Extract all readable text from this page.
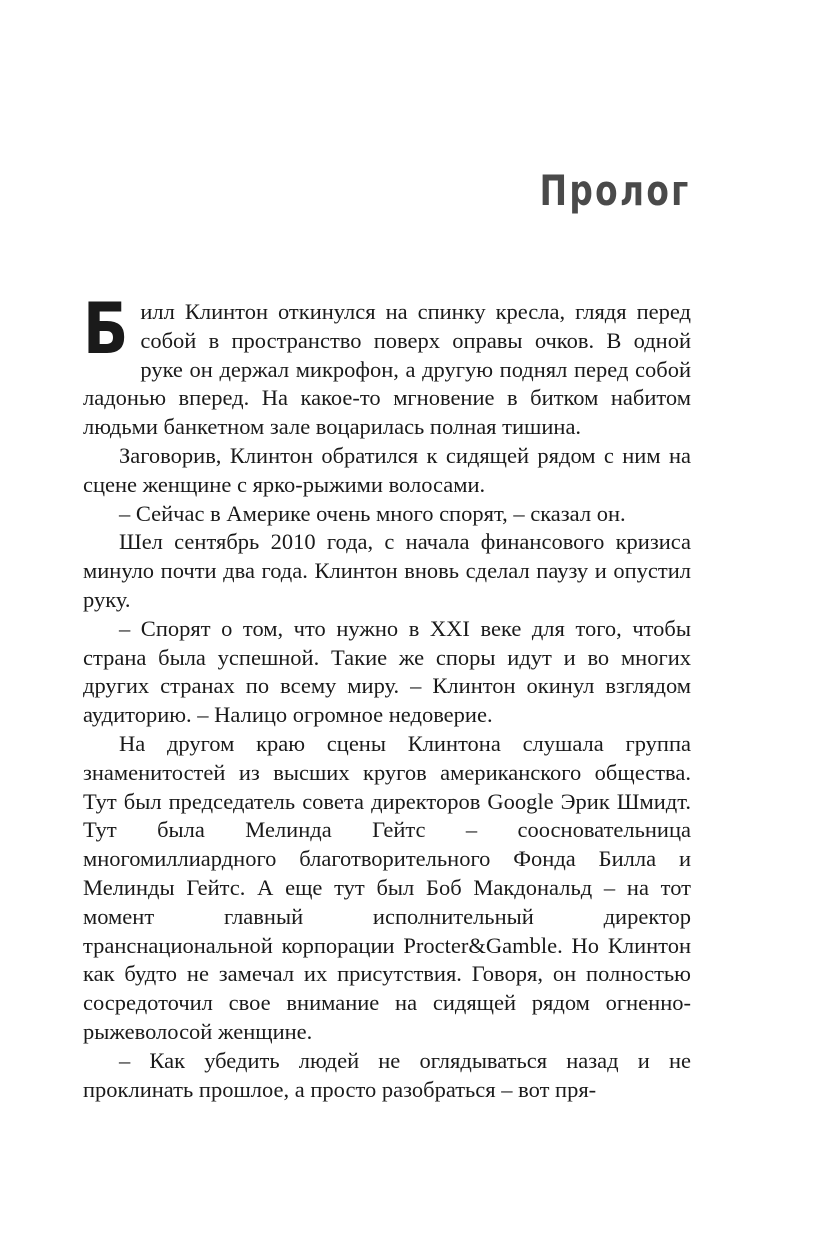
Пролог

Билл Клинтон откинулся на спинку кресла, глядя перед собой в пространство поверх оправы очков. В одной руке он держал микрофон, а другую поднял перед собой ладонью вперед. На какое-то мгновение в битком набитом людьми банкетном зале воцарилась полная тишина.

Заговорив, Клинтон обратился к сидящей рядом с ним на сцене женщине с ярко-рыжими волосами.

– Сейчас в Америке очень много спорят, – сказал он.

Шел сентябрь 2010 года, с начала финансового кризиса минуло почти два года. Клинтон вновь сделал паузу и опустил руку.

– Спорят о том, что нужно в XXI веке для того, чтобы страна была успешной. Такие же споры идут и во многих других странах по всему миру. – Клинтон окинул взглядом аудиторию. – Налицо огромное недоверие.

На другом краю сцены Клинтона слушала группа знаменитостей из высших кругов американского общества. Тут был председатель совета директоров Google Эрик Шмидт. Тут была Мелинда Гейтс – соосновательница многомиллиардного благотворительного Фонда Билла и Мелинды Гейтс. А еще тут был Боб Макдональд – на тот момент главный исполнительный директор транснациональной корпорации Procter&Gamble. Но Клинтон как будто не замечал их присутствия. Говоря, он полностью сосредоточил свое внимание на сидящей рядом огненно-рыжеволосой женщине.

– Как убедить людей не оглядываться назад и не проклинать прошлое, а просто разобраться – вот пря-
